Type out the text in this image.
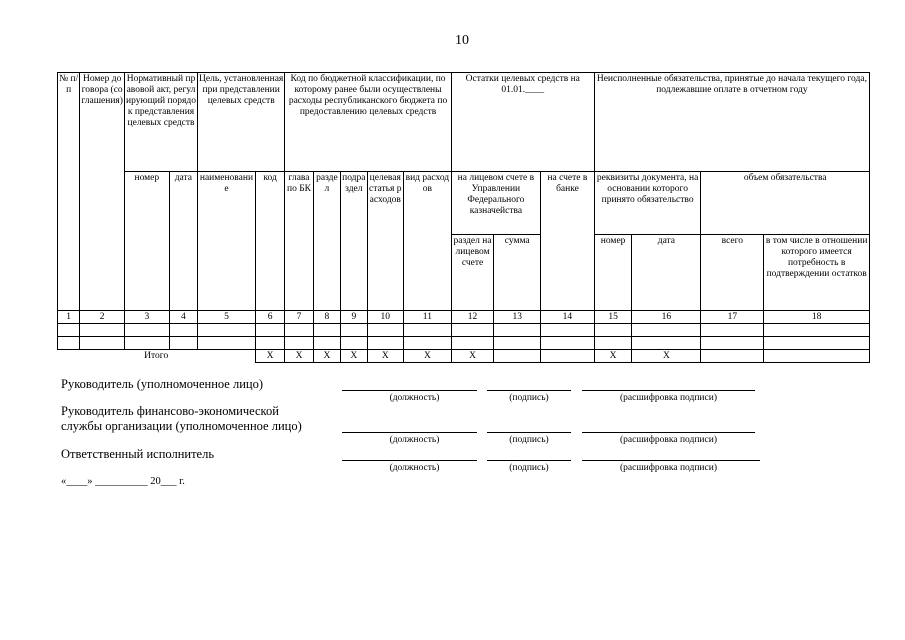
10
№ п/п	Номер договора (соглашения)	Нормативный правовой акт, регулирующий порядок представления целевых средств		Цель, установленная при представлении целевых средств		Код по бюджетной классификации, по которому ранее были осуществлены расходы республиканского бюджета по предоставлению целевых средств					Остатки целевых средств на 01.01.____			Неисполненные обязательства, принятые до начала текущего года, подлежавшие оплате в отчетном году			
		номер	дата	наименование	код	глава по БК	раздел	подраздел	целевая статья расходов	вид расходов	на лицевом счете в Управлении Федерального казначейства		на счете в банке	реквизиты документа, на основании которого принято обязательство		объем обязательства	
											раздел на лицевом счете	сумма		номер	дата	всего	в том числе в отношении которого имеется потребность в подтверждении остатков
1	2	3	4	5	6	7	8	9	10	11	12	13	14	15	16	17	18

Итого					X	X	X	X	X	X	X			X	X		
Руководитель (уполномоченное лицо)
(должность)	(подпись)	(расшифровка подписи)
Руководитель финансово-экономической
службы организации (уполномоченное лицо)
(должность)	(подпись)	(расшифровка подписи)
Ответственный исполнитель
(должность)	(подпись)	(расшифровка подписи)
«____» __________ 20___ г.
